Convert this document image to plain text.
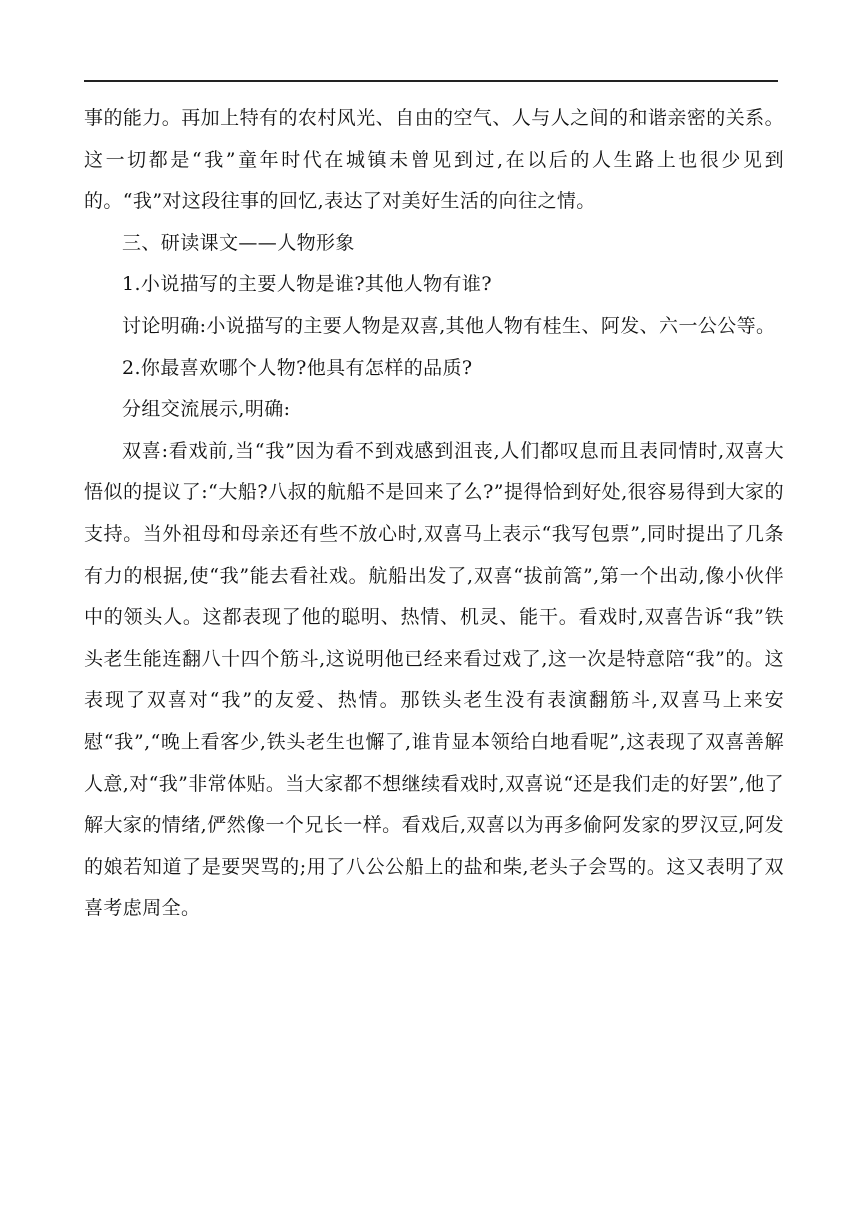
事的能力。再加上特有的农村风光、自由的空气、人与人之间的和谐亲密的关系。这一切都是“我”童年时代在城镇未曾见到过,在以后的人生路上也很少见到的。“我”对这段往事的回忆,表达了对美好生活的向往之情。

三、研读课文——人物形象

1.小说描写的主要人物是谁?其他人物有谁?

讨论明确:小说描写的主要人物是双喜,其他人物有桂生、阿发、六一公公等。

2.你最喜欢哪个人物?他具有怎样的品质?

分组交流展示,明确:

双喜:看戏前,当“我”因为看不到戏感到沮丧,人们都叹息而且表同情时,双喜大悟似的提议了:“大船?八叔的航船不是回来了么?”提得恰到好处,很容易得到大家的支持。当外祖母和母亲还有些不放心时,双喜马上表示“我写包票”,同时提出了几条有力的根据,使“我”能去看社戏。航船出发了,双喜“拔前篙”,第一个出动,像小伙伴中的领头人。这都表现了他的聪明、热情、机灵、能干。看戏时,双喜告诉“我”铁头老生能连翻八十四个筋斗,这说明他已经来看过戏了,这一次是特意陪“我”的。这表现了双喜对“我”的友爱、热情。那铁头老生没有表演翻筋斗,双喜马上来安慰“我”,“晚上看客少,铁头老生也懈了,谁肯显本领给白地看呢”,这表现了双喜善解人意,对“我”非常体贴。当大家都不想继续看戏时,双喜说“还是我们走的好罢”,他了解大家的情绪,俨然像一个兄长一样。看戏后,双喜以为再多偷阿发家的罗汉豆,阿发的娘若知道了是要哭骂的;用了八公公船上的盐和柴,老头子会骂的。这又表明了双喜考虑周全。
